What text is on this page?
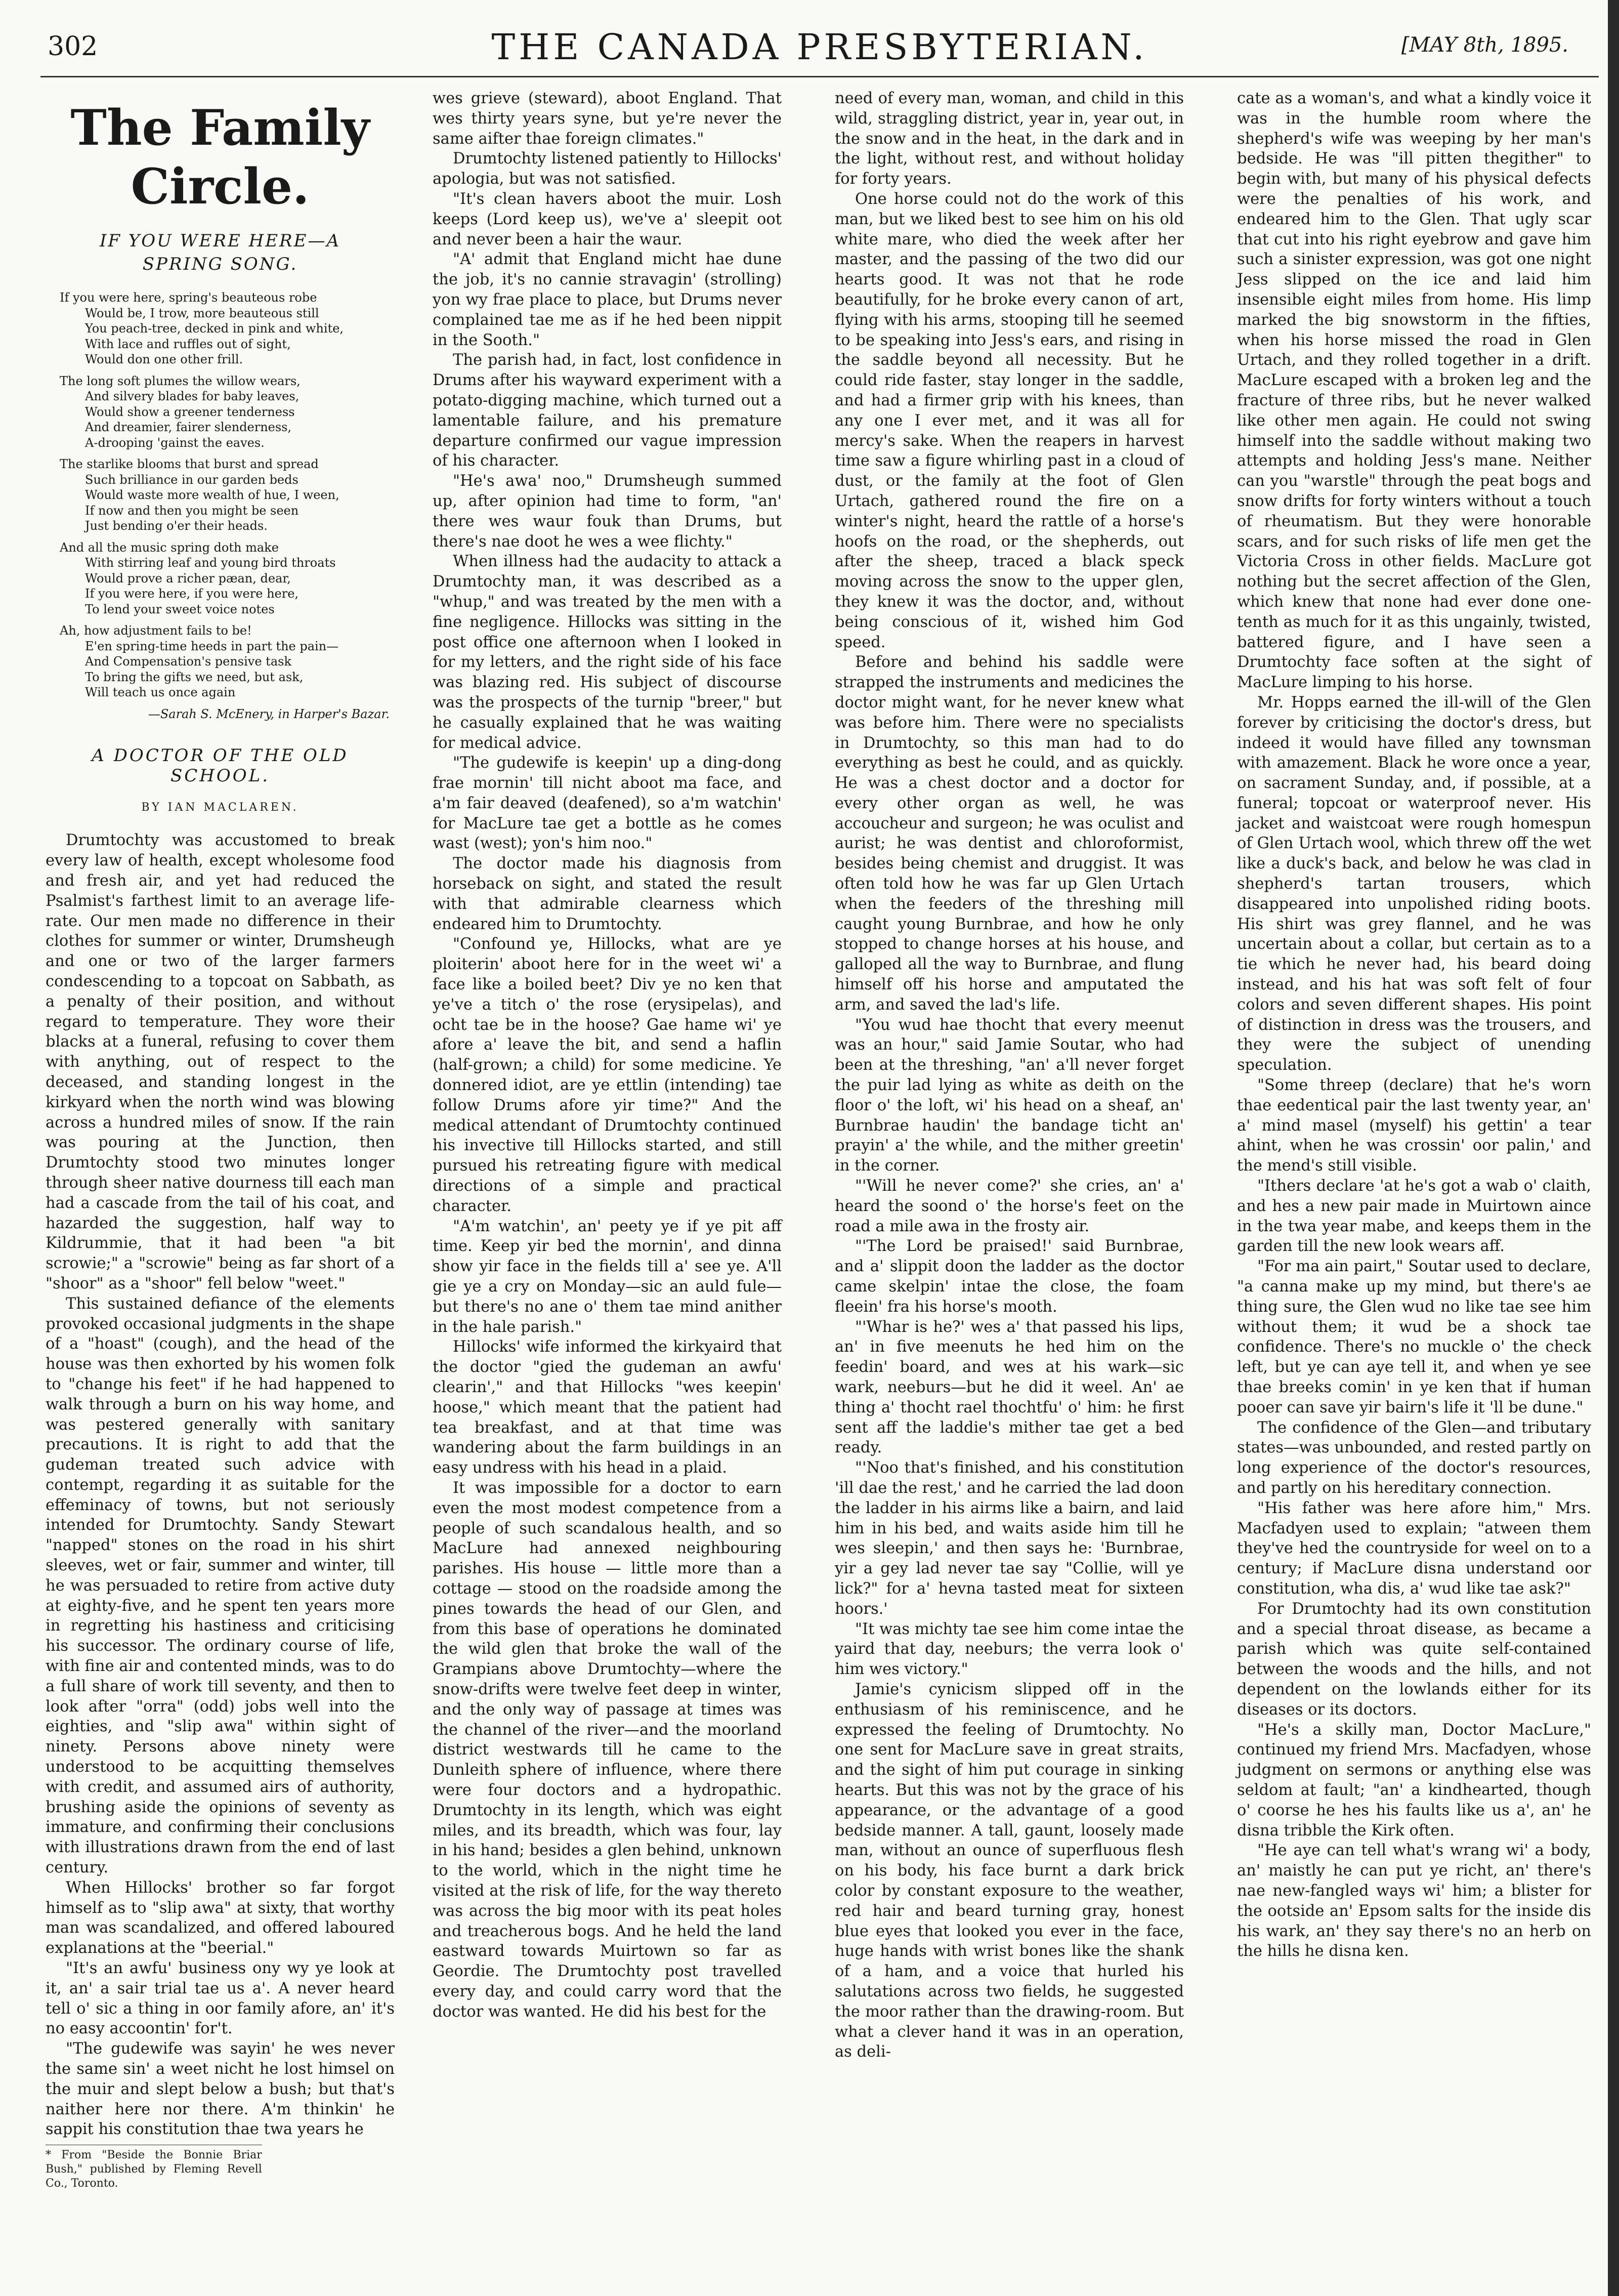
302	THE CANADA PRESBYTERIAN.	[MAY 8th, 1895.
The Family Circle.
IF YOU WERE HERE—A SPRING SONG.
If you were here, spring's beauteous robe
Would be, I trow, more beauteous still
You peach-tree, decked in pink and white,
With lace and ruffles out of sight,
Would don one other frill.
The long soft plumes the willow wears,
And silvery blades for baby leaves,
Would show a greener tenderness
And dreamier, fairer slenderness,
A-drooping 'gainst the eaves.
The starlike blooms that burst and spread
Such brilliance in our garden beds
Would waste more wealth of hue, I ween,
If now and then you might be seen
Just bending o'er their heads.
And all the music spring doth make
With stirring leaf and young bird throats
Would prove a richer pæan, dear,
If you were here, if you were here,
To lend your sweet voice notes
Ah, how adjustment fails to be!
E'en spring-time heeds in part the pain—
And Compensation's pensive task
To bring the gifts we need, but ask,
Will teach us once again
—Sarah S. McEnery, in Harper's Bazar.
A DOCTOR OF THE OLD SCHOOL.
BY IAN MACLAREN.

Drumtochty was accustomed to break every law of health, except wholesome food and fresh air, and yet had reduced the Psalmist's farthest limit to an average life-rate. Our men made no difference in their clothes for summer or winter, Drumsheugh and one or two of the larger farmers condescending to a topcoat on Sabbath, as a penalty of their position, and without regard to temperature. They wore their blacks at a funeral, refusing to cover them with anything, out of respect to the deceased, and standing longest in the kirkyard when the north wind was blowing across a hundred miles of snow. If the rain was pouring at the Junction, then Drumtochty stood two minutes longer through sheer native dourness till each man had a cascade from the tail of his coat, and hazarded the suggestion, half way to Kildrummie, that it had been "a bit scrowie;" a "scrowie" being as far short of a "shoor" as a "shoor" fell below "weet."

This sustained defiance of the elements provoked occasional judgments in the shape of a "hoast" (cough), and the head of the house was then exhorted by his women folk to "change his feet" if he had happened to walk through a burn on his way home, and was pestered generally with sanitary precautions. It is right to add that the gudeman treated such advice with contempt, regarding it as suitable for the effeminacy of towns, but not seriously intended for Drumtochty. Sandy Stewart "napped" stones on the road in his shirt sleeves, wet or fair, summer and winter, till he was persuaded to retire from active duty at eighty-five, and he spent ten years more in regretting his hastiness and criticising his successor. The ordinary course of life, with fine air and contented minds, was to do a full share of work till seventy, and then to look after "orra" (odd) jobs well into the eighties, and "slip awa" within sight of ninety. Persons above ninety were understood to be acquitting themselves with credit, and assumed airs of authority, brushing aside the opinions of seventy as immature, and confirming their conclusions with illustrations drawn from the end of last century.

When Hillocks' brother so far forgot himself as to "slip awa" at sixty, that worthy man was scandalized, and offered laboured explanations at the "beerial."

"It's an awfu' business ony wy ye look at it, an' a sair trial tae us a'. A never heard tell o' sic a thing in oor family afore, an' it's no easy accoontin' for't.

"The gudewife was sayin' he wes never the same sin' a weet nicht he lost himsel on the muir and slept below a bush; but that's naither here nor there. A'm thinkin' he sappit his constitution thae twa years he

* From "Beside the Bonnie Briar Bush," published by Fleming Revell Co., Toronto.

wes grieve (steward), aboot England. That wes thirty years syne, but ye're never the same aifter thae foreign climates."

Drumtochty listened patiently to Hillocks' apologia, but was not satisfied.

"It's clean havers aboot the muir. Losh keeps (Lord keep us), we've a' sleepit oot and never been a hair the waur.

"A' admit that England micht hae dune the job, it's no cannie stravagin' (strolling) yon wy frae place to place, but Drums never complained tae me as if he hed been nippit in the Sooth."

The parish had, in fact, lost confidence in Drums after his wayward experiment with a potato-digging machine, which turned out a lamentable failure, and his premature departure confirmed our vague impression of his character.

"He's awa' noo," Drumsheugh summed up, after opinion had time to form, "an' there wes waur fouk than Drums, but there's nae doot he wes a wee flichty."

When illness had the audacity to attack a Drumtochty man, it was described as a "whup," and was treated by the men with a fine negligence. Hillocks was sitting in the post office one afternoon when I looked in for my letters, and the right side of his face was blazing red. His subject of discourse was the prospects of the turnip "breer," but he casually explained that he was waiting for medical advice.

"The gudewife is keepin' up a ding-dong frae mornin' till nicht aboot ma face, and a'm fair deaved (deafened), so a'm watchin' for MacLure tae get a bottle as he comes wast (west); yon's him noo."

The doctor made his diagnosis from horseback on sight, and stated the result with that admirable clearness which endeared him to Drumtochty.

"Confound ye, Hillocks, what are ye ploiterin' aboot here for in the weet wi' a face like a boiled beet? Div ye no ken that ye've a titch o' the rose (erysipelas), and ocht tae be in the hoose? Gae hame wi' ye afore a' leave the bit, and send a haflin (half-grown; a child) for some medicine. Ye donnered idiot, are ye ettlin (intending) tae follow Drums afore yir time?" And the medical attendant of Drumtochty continued his invective till Hillocks started, and still pursued his retreating figure with medical directions of a simple and practical character.

"A'm watchin', an' peety ye if ye pit aff time. Keep yir bed the mornin', and dinna show yir face in the fields till a' see ye. A'll gie ye a cry on Monday—sic an auld fule—but there's no ane o' them tae mind anither in the hale parish."

Hillocks' wife informed the kirkyaird that the doctor "gied the gudeman an awfu' clearin'," and that Hillocks "wes keepin' hoose," which meant that the patient had tea breakfast, and at that time was wandering about the farm buildings in an easy undress with his head in a plaid.

It was impossible for a doctor to earn even the most modest competence from a people of such scandalous health, and so MacLure had annexed neighbouring parishes. His house — little more than a cottage — stood on the roadside among the pines towards the head of our Glen, and from this base of operations he dominated the wild glen that broke the wall of the Grampians above Drumtochty—where the snow-drifts were twelve feet deep in winter, and the only way of passage at times was the channel of the river—and the moorland district westwards till he came to the Dunleith sphere of influence, where there were four doctors and a hydropathic. Drumtochty in its length, which was eight miles, and its breadth, which was four, lay in his hand; besides a glen behind, unknown to the world, which in the night time he visited at the risk of life, for the way thereto was across the big moor with its peat holes and treacherous bogs. And he held the land eastward towards Muirtown so far as Geordie. The Drumtochty post travelled every day, and could carry word that the doctor was wanted. He did his best for the

need of every man, woman, and child in this wild, straggling district, year in, year out, in the snow and in the heat, in the dark and in the light, without rest, and without holiday for forty years.

One horse could not do the work of this man, but we liked best to see him on his old white mare, who died the week after her master, and the passing of the two did our hearts good. It was not that he rode beautifully, for he broke every canon of art, flying with his arms, stooping till he seemed to be speaking into Jess's ears, and rising in the saddle beyond all necessity. But he could ride faster, stay longer in the saddle, and had a firmer grip with his knees, than any one I ever met, and it was all for mercy's sake. When the reapers in harvest time saw a figure whirling past in a cloud of dust, or the family at the foot of Glen Urtach, gathered round the fire on a winter's night, heard the rattle of a horse's hoofs on the road, or the shepherds, out after the sheep, traced a black speck moving across the snow to the upper glen, they knew it was the doctor, and, without being conscious of it, wished him God speed.

Before and behind his saddle were strapped the instruments and medicines the doctor might want, for he never knew what was before him. There were no specialists in Drumtochty, so this man had to do everything as best he could, and as quickly. He was a chest doctor and a doctor for every other organ as well, he was accoucheur and surgeon; he was oculist and aurist; he was dentist and chloroformist, besides being chemist and druggist. It was often told how he was far up Glen Urtach when the feeders of the threshing mill caught young Burnbrae, and how he only stopped to change horses at his house, and galloped all the way to Burnbrae, and flung himself off his horse and amputated the arm, and saved the lad's life.

"You wud hae thocht that every meenut was an hour," said Jamie Soutar, who had been at the threshing, "an' a'll never forget the puir lad lying as white as deith on the floor o' the loft, wi' his head on a sheaf, an' Burnbrae haudin' the bandage ticht an' prayin' a' the while, and the mither greetin' in the corner.

"'Will he never come?' she cries, an' a' heard the soond o' the horse's feet on the road a mile awa in the frosty air.

"'The Lord be praised!' said Burnbrae, and a' slippit doon the ladder as the doctor came skelpin' intae the close, the foam fleein' fra his horse's mooth.

"'Whar is he?' wes a' that passed his lips, an' in five meenuts he hed him on the feedin' board, and wes at his wark—sic wark, neeburs—but he did it weel. An' ae thing a' thocht rael thochtfu' o' him: he first sent aff the laddie's mither tae get a bed ready.

"'Noo that's finished, and his constitution 'ill dae the rest,' and he carried the lad doon the ladder in his airms like a bairn, and laid him in his bed, and waits aside him till he wes sleepin,' and then says he: 'Burnbrae, yir a gey lad never tae say "Collie, will ye lick?" for a' hevna tasted meat for sixteen hoors.'

"It was michty tae see him come intae the yaird that day, neeburs; the verra look o' him wes victory."

Jamie's cynicism slipped off in the enthusiasm of his reminiscence, and he expressed the feeling of Drumtochty. No one sent for MacLure save in great straits, and the sight of him put courage in sinking hearts. But this was not by the grace of his appearance, or the advantage of a good bedside manner. A tall, gaunt, loosely made man, without an ounce of superfluous flesh on his body, his face burnt a dark brick color by constant exposure to the weather, red hair and beard turning gray, honest blue eyes that looked you ever in the face, huge hands with wrist bones like the shank of a ham, and a voice that hurled his salutations across two fields, he suggested the moor rather than the drawing-room. But what a clever hand it was in an operation, as deli-

cate as a woman's, and what a kindly voice it was in the humble room where the shepherd's wife was weeping by her man's bedside. He was "ill pitten thegither" to begin with, but many of his physical defects were the penalties of his work, and endeared him to the Glen. That ugly scar that cut into his right eyebrow and gave him such a sinister expression, was got one night Jess slipped on the ice and laid him insensible eight miles from home. His limp marked the big snowstorm in the fifties, when his horse missed the road in Glen Urtach, and they rolled together in a drift. MacLure escaped with a broken leg and the fracture of three ribs, but he never walked like other men again. He could not swing himself into the saddle without making two attempts and holding Jess's mane. Neither can you "warstle" through the peat bogs and snow drifts for forty winters without a touch of rheumatism. But they were honorable scars, and for such risks of life men get the Victoria Cross in other fields. MacLure got nothing but the secret affection of the Glen, which knew that none had ever done one-tenth as much for it as this ungainly, twisted, battered figure, and I have seen a Drumtochty face soften at the sight of MacLure limping to his horse.

Mr. Hopps earned the ill-will of the Glen forever by criticising the doctor's dress, but indeed it would have filled any townsman with amazement. Black he wore once a year, on sacrament Sunday, and, if possible, at a funeral; topcoat or waterproof never. His jacket and waistcoat were rough homespun of Glen Urtach wool, which threw off the wet like a duck's back, and below he was clad in shepherd's tartan trousers, which disappeared into unpolished riding boots. His shirt was grey flannel, and he was uncertain about a collar, but certain as to a tie which he never had, his beard doing instead, and his hat was soft felt of four colors and seven different shapes. His point of distinction in dress was the trousers, and they were the subject of unending speculation.

"Some threep (declare) that he's worn thae eedentical pair the last twenty year, an' a' mind masel (myself) his gettin' a tear ahint, when he was crossin' oor palin,' and the mend's still visible.

"Ithers declare 'at he's got a wab o' claith, and hes a new pair made in Muirtown aince in the twa year mabe, and keeps them in the garden till the new look wears aff.

"For ma ain pairt," Soutar used to declare, "a canna make up my mind, but there's ae thing sure, the Glen wud no like tae see him without them; it wud be a shock tae confidence. There's no muckle o' the check left, but ye can aye tell it, and when ye see thae breeks comin' in ye ken that if human pooer can save yir bairn's life it 'll be dune."

The confidence of the Glen—and tributary states—was unbounded, and rested partly on long experience of the doctor's resources, and partly on his hereditary connection.

"His father was here afore him," Mrs. Macfadyen used to explain; "atween them they've hed the countryside for weel on to a century; if MacLure disna understand oor constitution, wha dis, a' wud like tae ask?"

For Drumtochty had its own constitution and a special throat disease, as became a parish which was quite self-contained between the woods and the hills, and not dependent on the lowlands either for its diseases or its doctors.

"He's a skilly man, Doctor MacLure," continued my friend Mrs. Macfadyen, whose judgment on sermons or anything else was seldom at fault; "an' a kindhearted, though o' coorse he hes his faults like us a', an' he disna tribble the Kirk often.

"He aye can tell what's wrang wi' a body, an' maistly he can put ye richt, an' there's nae new-fangled ways wi' him; a blister for the ootside an' Epsom salts for the inside dis his wark, an' they say there's no an herb on the hills he disna ken.
